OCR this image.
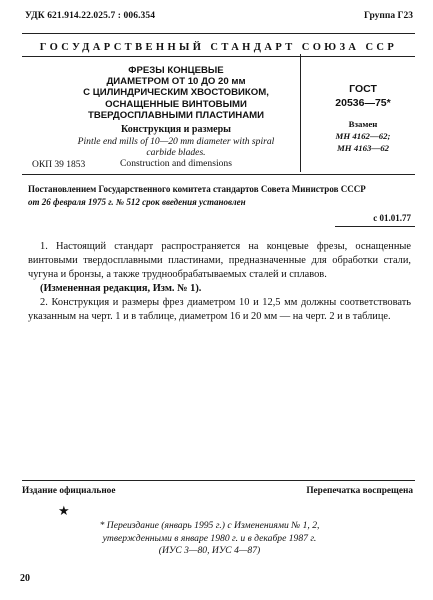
УДК 621.914.22.025.7 : 006.354	Группа Г23
ГОСУДАРСТВЕННЫЙ СТАНДАРТ СОЮЗА ССР
ФРЕЗЫ КОНЦЕВЫЕ
ДИАМЕТРОМ ОТ 10 ДО 20 мм
С ЦИЛИНДРИЧЕСКИМ ХВОСТОВИКОМ,
ОСНАЩЕННЫЕ ВИНТОВЫМИ
ТВЕРДОСПЛАВНЫМИ ПЛАСТИНАМИ
Конструкция и размеры
Pintle end mills of 10—20 mm diameter with spiral
carbide blades.
Construction and dimensions
ГОСТ
20536—75*
Взамен
МН 4162—62;
МН 4163—62
ОКП 39 1853
Постановлением Государственного комитета стандартов Совета Министров СССР
от 26 февраля 1975 г. № 512 срок введения установлен
с 01.01.77

1. Настоящий стандарт распространяется на концевые фрезы, оснащенные винтовыми твердосплавными пластинами, предназначенные для обработки стали, чугуна и бронзы, а также труднообрабатываемых сталей и сплавов.

(Измененная редакция, Изм. № 1).

2. Конструкция и размеры фрез диаметром 10 и 12,5 мм должны соответствовать указанным на черт. 1 и в таблице, диаметром 16 и 20 мм — на черт. 2 и в таблице.

Издание официальное	Перепечатка воспрещена
★
* Переиздание (январь 1995 г.) с Изменениями № 1, 2,
утвержденными в январе 1980 г. и в декабре 1987 г.
(ИУС 3—80, ИУС 4—87)
20
